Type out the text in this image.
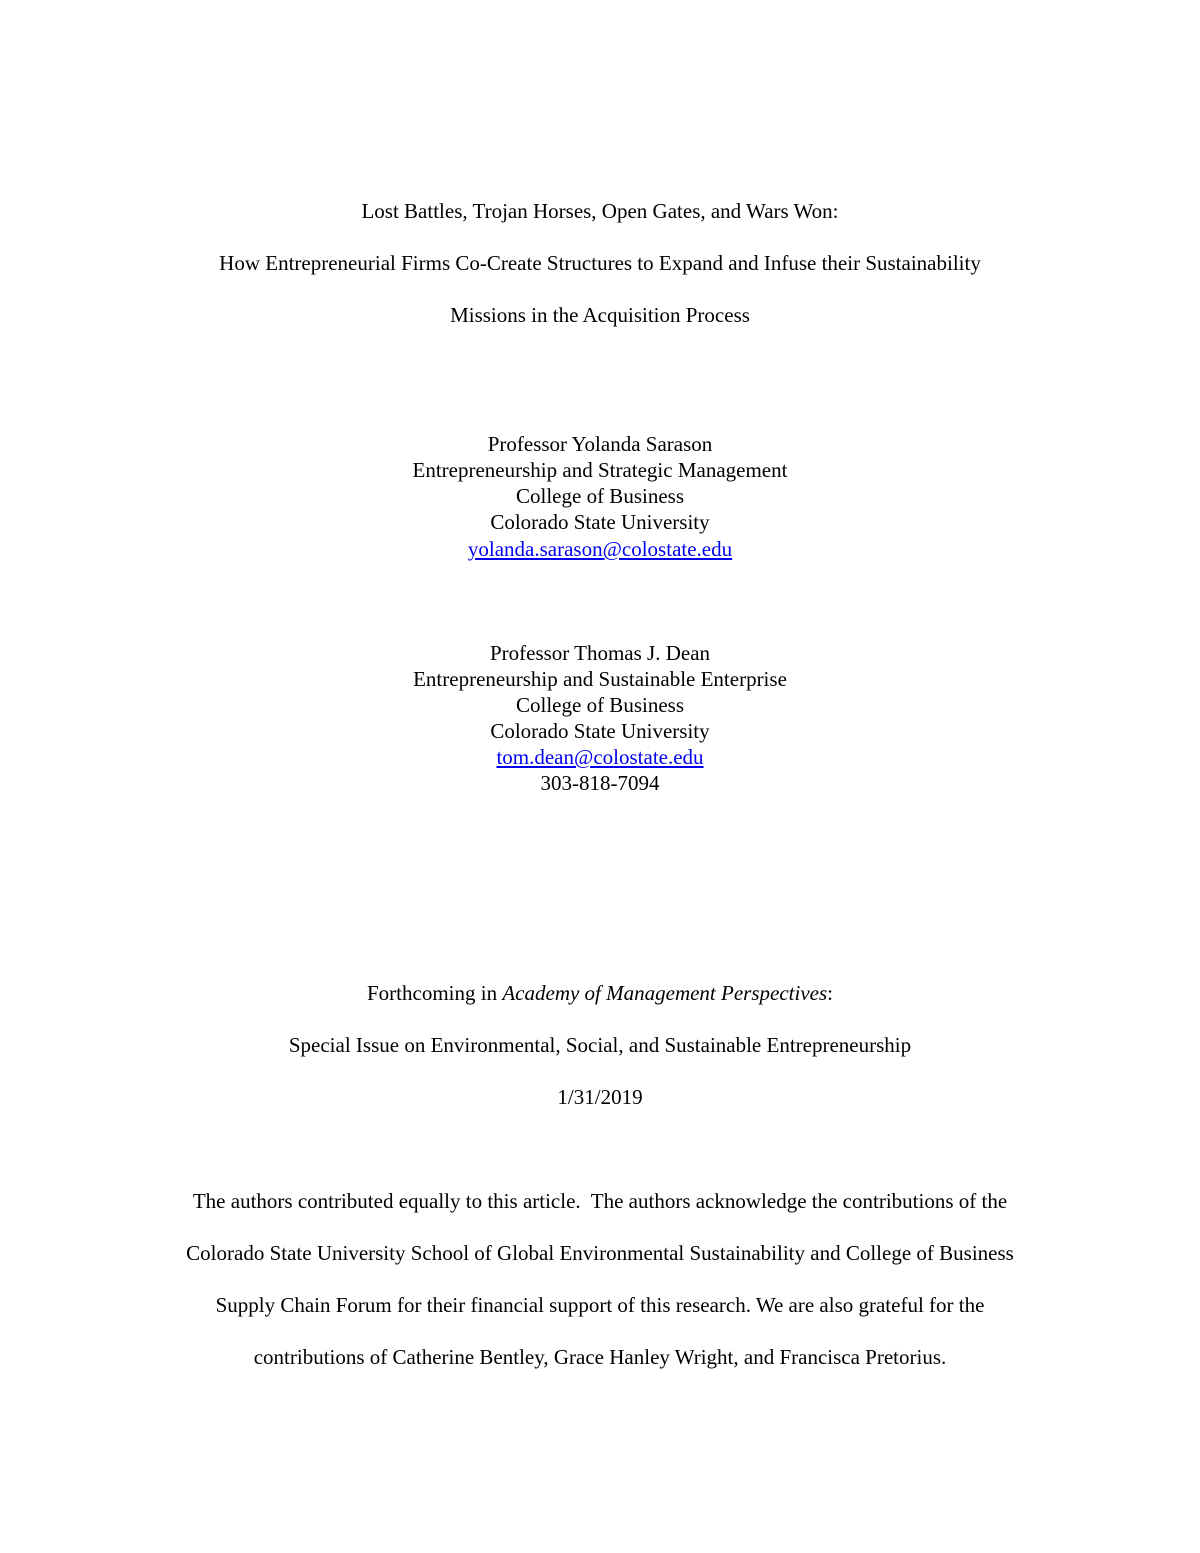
Lost Battles, Trojan Horses, Open Gates, and Wars Won:
How Entrepreneurial Firms Co-Create Structures to Expand and Infuse their Sustainability
Missions in the Acquisition Process
Professor Yolanda Sarason
Entrepreneurship and Strategic Management
College of Business
Colorado State University
yolanda.sarason@colostate.edu
Professor Thomas J. Dean
Entrepreneurship and Sustainable Enterprise
College of Business
Colorado State University
tom.dean@colostate.edu
303-818-7094
Forthcoming in Academy of Management Perspectives:
Special Issue on Environmental, Social, and Sustainable Entrepreneurship
1/31/2019
The authors contributed equally to this article.  The authors acknowledge the contributions of the
Colorado State University School of Global Environmental Sustainability and College of Business
Supply Chain Forum for their financial support of this research. We are also grateful for the
contributions of Catherine Bentley, Grace Hanley Wright, and Francisca Pretorius.
